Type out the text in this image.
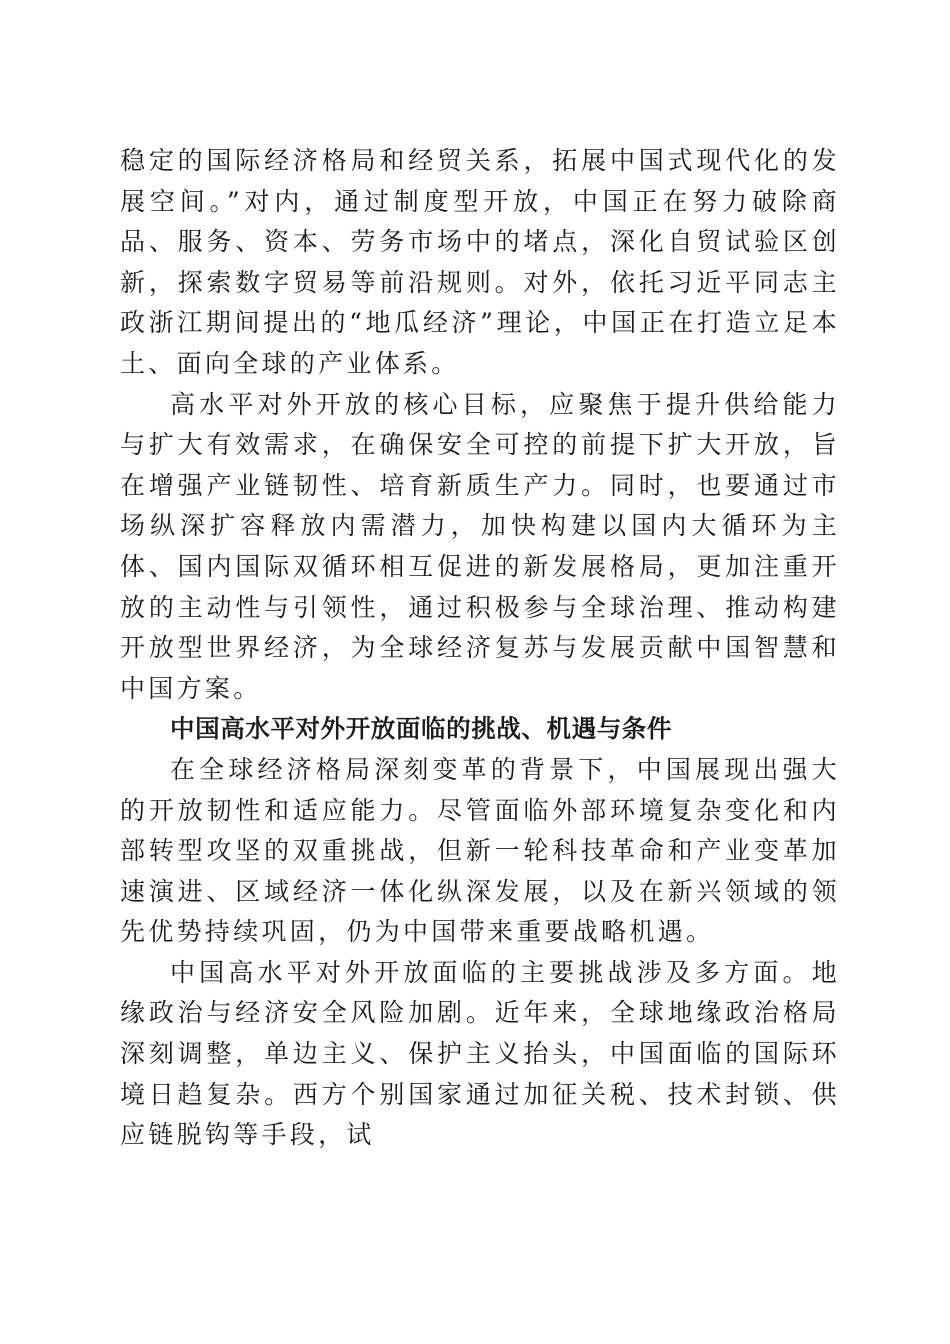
稳定的国际经济格局和经贸关系，拓展中国式现代化的发展空间。”对内，通过制度型开放，中国正在努力破除商品、服务、资本、劳务市场中的堵点，深化自贸试验区创新，探索数字贸易等前沿规则。对外，依托习近平同志主政浙江期间提出的“地瓜经济”理论，中国正在打造立足本土、面向全球的产业体系。

高水平对外开放的核心目标，应聚焦于提升供给能力与扩大有效需求，在确保安全可控的前提下扩大开放，旨在增强产业链韧性、培育新质生产力。同时，也要通过市场纵深扩容释放内需潜力，加快构建以国内大循环为主体、国内国际双循环相互促进的新发展格局，更加注重开放的主动性与引领性，通过积极参与全球治理、推动构建开放型世界经济，为全球经济复苏与发展贡献中国智慧和中国方案。

中国高水平对外开放面临的挑战、机遇与条件

在全球经济格局深刻变革的背景下，中国展现出强大的开放韧性和适应能力。尽管面临外部环境复杂变化和内部转型攻坚的双重挑战，但新一轮科技革命和产业变革加速演进、区域经济一体化纵深发展，以及在新兴领域的领先优势持续巩固，仍为中国带来重要战略机遇。

中国高水平对外开放面临的主要挑战涉及多方面。地缘政治与经济安全风险加剧。近年来，全球地缘政治格局深刻调整，单边主义、保护主义抬头，中国面临的国际环境日趋复杂。西方个别国家通过加征关税、技术封锁、供应链脱钩等手段，试
